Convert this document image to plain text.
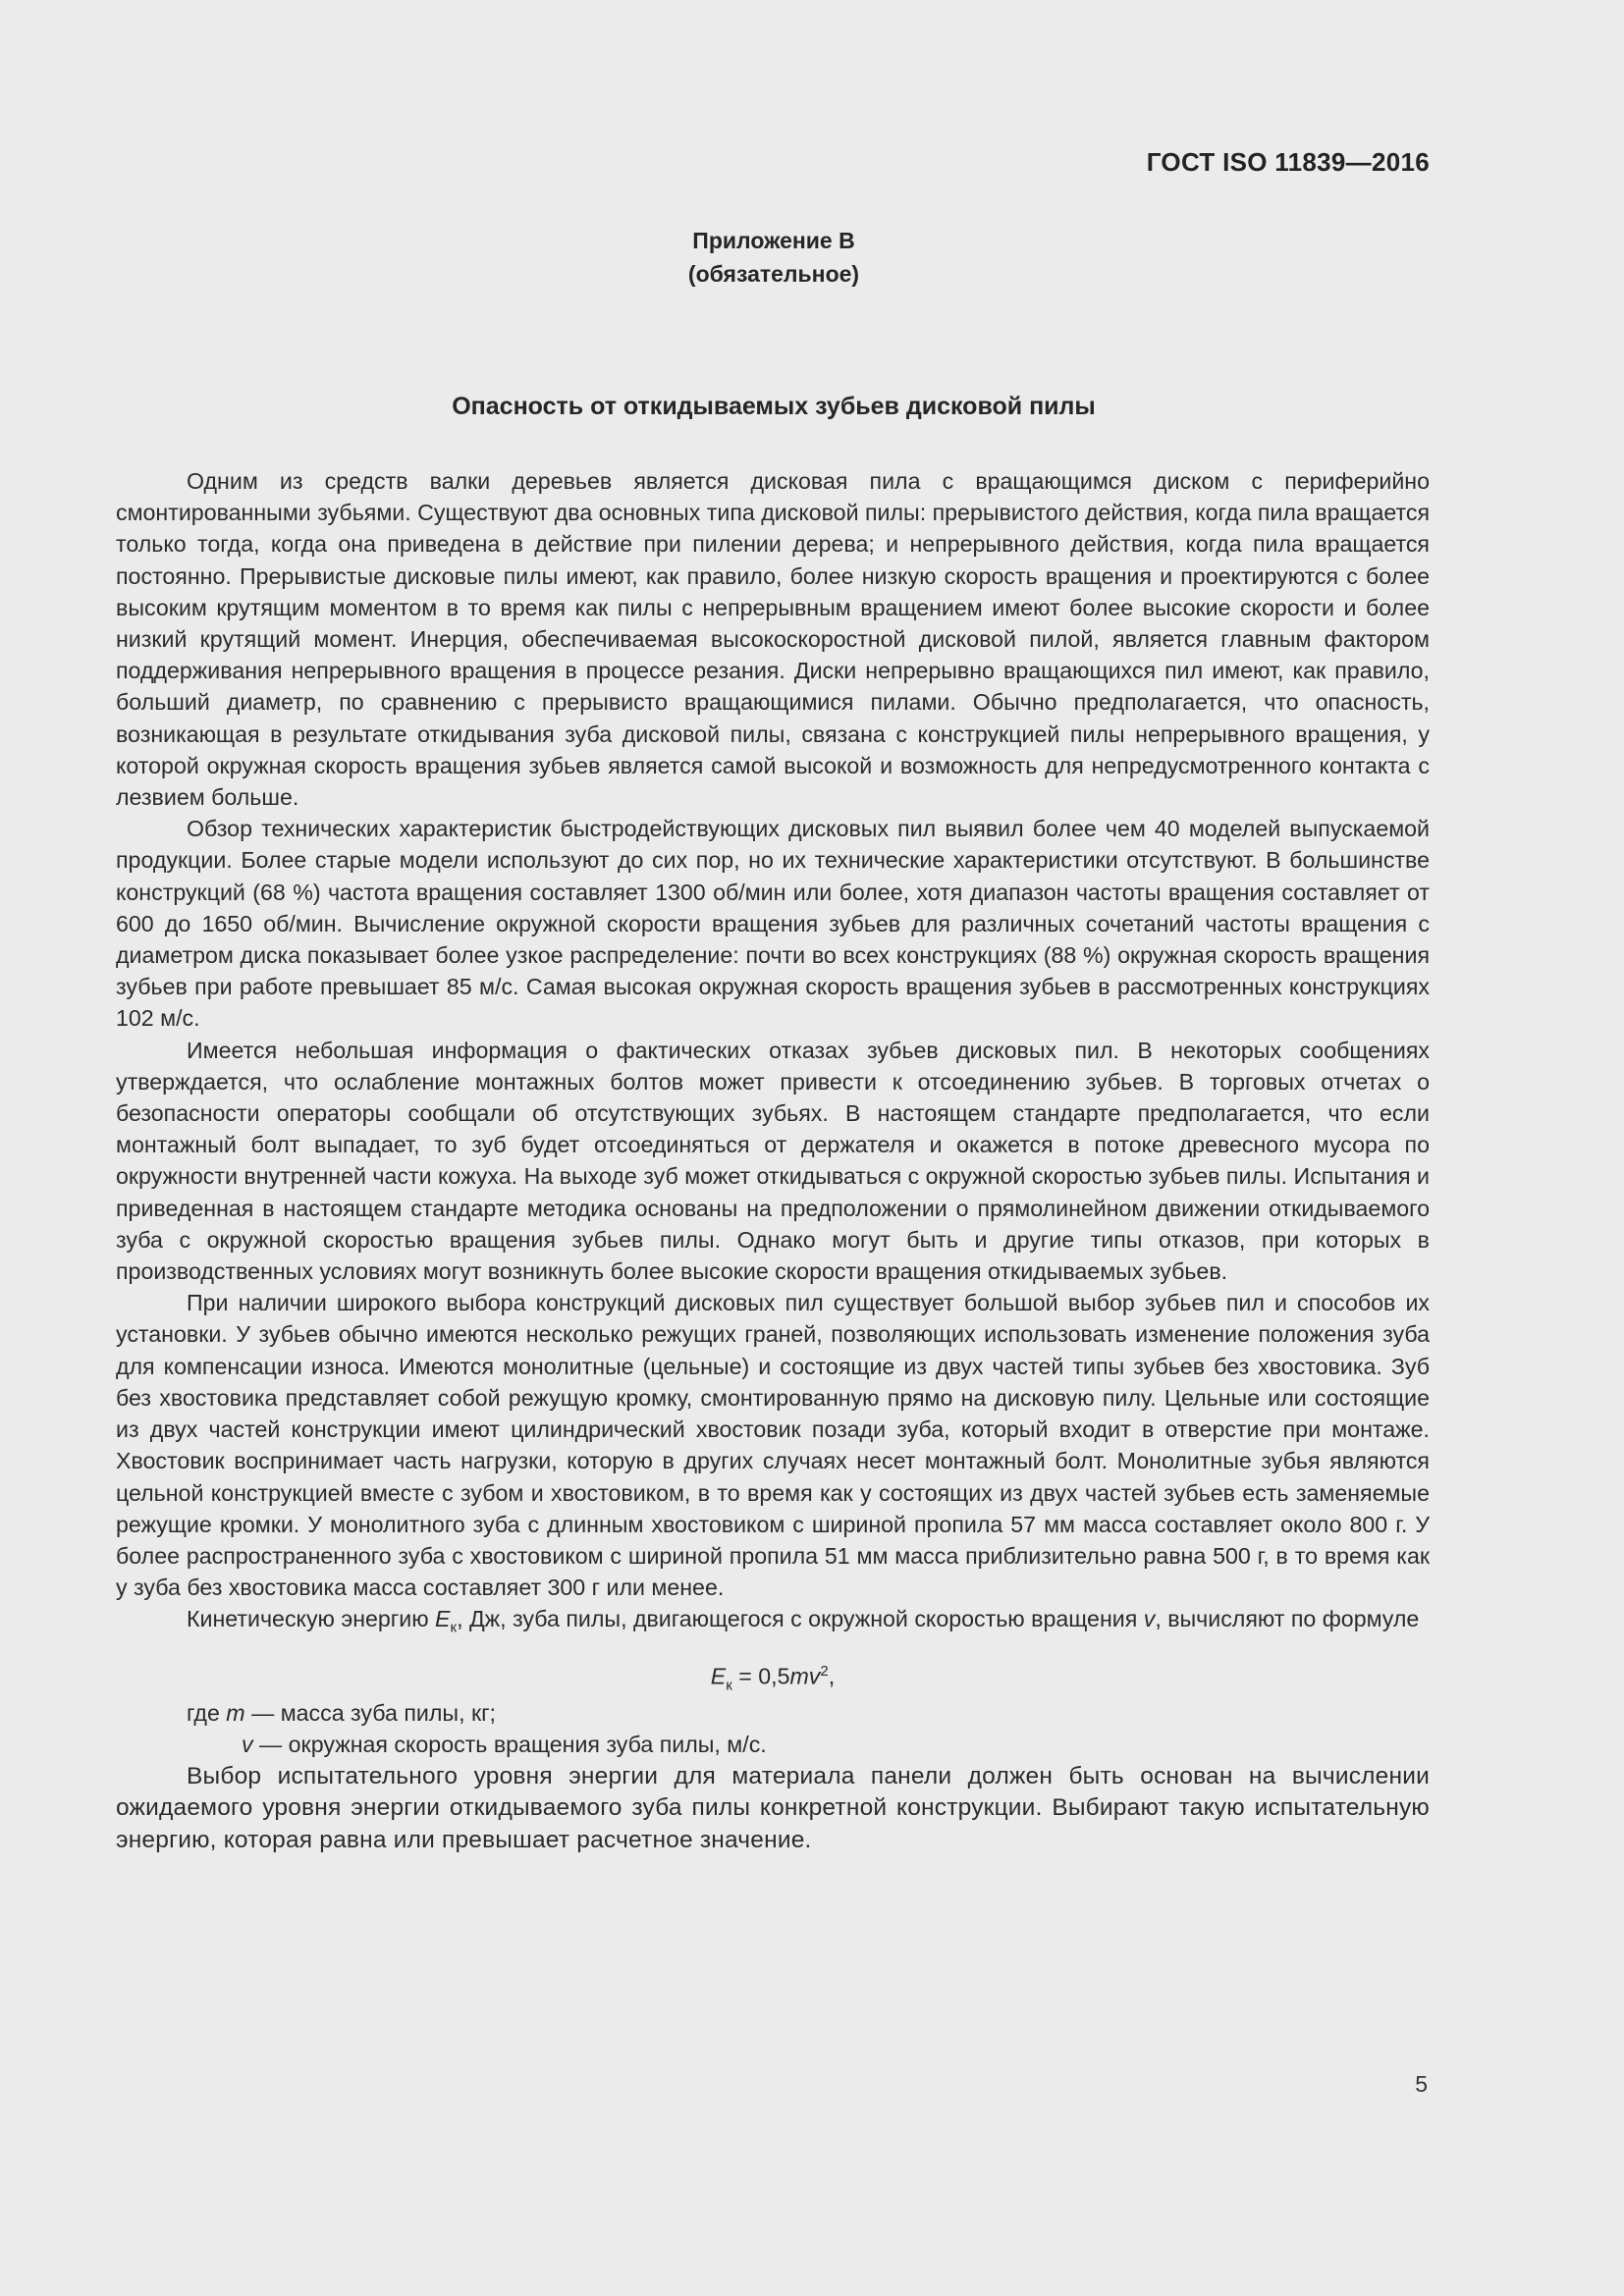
ГОСТ ISO 11839—2016
Приложение В
(обязательное)
Опасность от откидываемых зубьев дисковой пилы

Одним из средств валки деревьев является дисковая пила с вращающимся диском с периферийно смонтированными зубьями. Существуют два основных типа дисковой пилы: прерывистого действия, когда пила вращается только тогда, когда она приведена в действие при пилении дерева; и непрерывного действия, когда пила вращается постоянно. Прерывистые дисковые пилы имеют, как правило, более низкую скорость вращения и проектируются с более высоким крутящим моментом в то время как пилы с непрерывным вращением имеют более высокие скорости и более низкий крутящий момент. Инерция, обеспечиваемая высокоскоростной дисковой пилой, является главным фактором поддерживания непрерывного вращения в процессе резания. Диски непрерывно вращающихся пил имеют, как правило, больший диаметр, по сравнению с прерывисто вращающимися пилами. Обычно предполагается, что опасность, возникающая в результате откидывания зуба дисковой пилы, связана с конструкцией пилы непрерывного вращения, у которой окружная скорость вращения зубьев является самой высокой и возможность для непредусмотренного контакта с лезвием больше.

Обзор технических характеристик быстродействующих дисковых пил выявил более чем 40 моделей выпускаемой продукции. Более старые модели используют до сих пор, но их технические характеристики отсутствуют. В большинстве конструкций (68 %) частота вращения составляет 1300 об/мин или более, хотя диапазон частоты вращения составляет от 600 до 1650 об/мин. Вычисление окружной скорости вращения зубьев для различных сочетаний частоты вращения с диаметром диска показывает более узкое распределение: почти во всех конструкциях (88 %) окружная скорость вращения зубьев при работе превышает 85 м/с. Самая высокая окружная скорость вращения зубьев в рассмотренных конструкциях 102 м/с.

Имеется небольшая информация о фактических отказах зубьев дисковых пил. В некоторых сообщениях утверждается, что ослабление монтажных болтов может привести к отсоединению зубьев. В торговых отчетах о безопасности операторы сообщали об отсутствующих зубьях. В настоящем стандарте предполагается, что если монтажный болт выпадает, то зуб будет отсоединяться от держателя и окажется в потоке древесного мусора по окружности внутренней части кожуха. На выходе зуб может откидываться с окружной скоростью зубьев пилы. Испытания и приведенная в настоящем стандарте методика основаны на предположении о прямолинейном движении откидываемого зуба с окружной скоростью вращения зубьев пилы. Однако могут быть и другие типы отказов, при которых в производственных условиях могут возникнуть более высокие скорости вращения откидываемых зубьев.

При наличии широкого выбора конструкций дисковых пил существует большой выбор зубьев пил и способов их установки. У зубьев обычно имеются несколько режущих граней, позволяющих использовать изменение положения зуба для компенсации износа. Имеются монолитные (цельные) и состоящие из двух частей типы зубьев без хвостовика. Зуб без хвостовика представляет собой режущую кромку, смонтированную прямо на дисковую пилу. Цельные или состоящие из двух частей конструкции имеют цилиндрический хвостовик позади зуба, который входит в отверстие при монтаже. Хвостовик воспринимает часть нагрузки, которую в других случаях несет монтажный болт. Монолитные зубья являются цельной конструкцией вместе с зубом и хвостовиком, в то время как у состоящих из двух частей зубьев есть заменяемые режущие кромки. У монолитного зуба с длинным хвостовиком с шириной пропила 57 мм масса составляет около 800 г. У более распространенного зуба с хвостовиком с шириной пропила 51 мм масса приблизительно равна 500 г, в то время как у зуба без хвостовика масса составляет 300 г или менее.

Кинетическую энергию $E_к$, Дж, зуба пилы, двигающегося с окружной скоростью вращения v, вычисляют по формуле

$E_к = 0,5mv^2$,

где m — масса зуба пилы, кг;

v — окружная скорость вращения зуба пилы, м/с.

Выбор испытательного уровня энергии для материала панели должен быть основан на вычислении ожидаемого уровня энергии откидываемого зуба пилы конкретной конструкции. Выбирают такую испытательную энергию, которая равна или превышает расчетное значение.

5
